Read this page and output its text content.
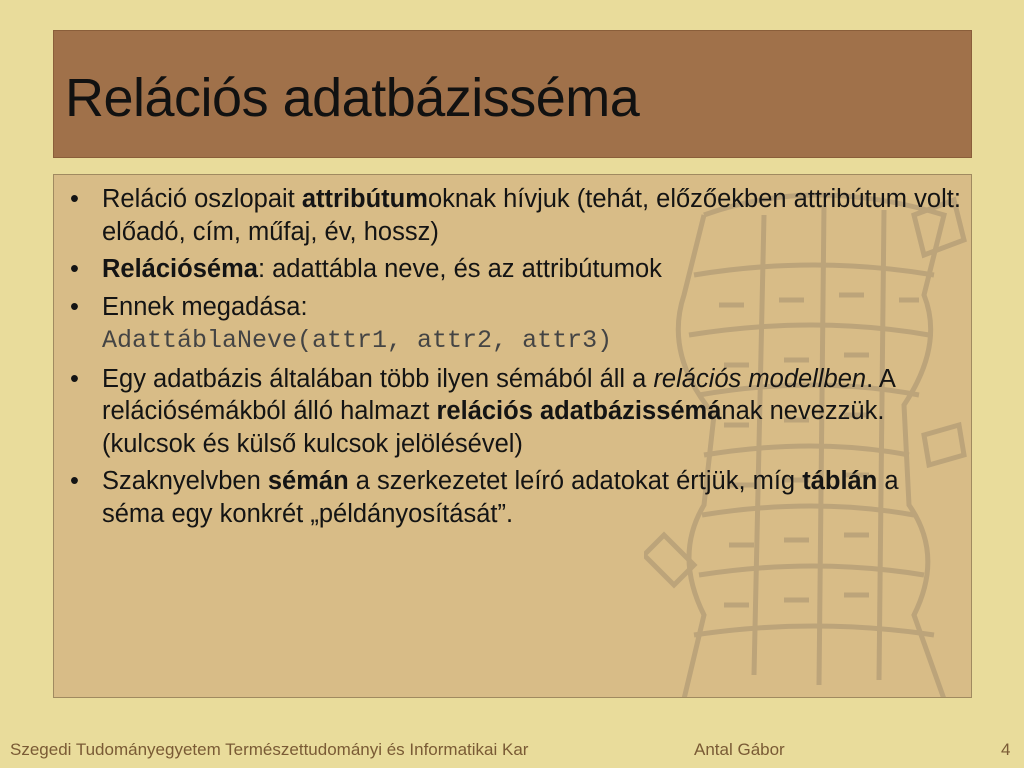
Relációs adatbázisséma
• Reláció oszlopait attribútumoknak hívjuk (tehát, előzőekben attribútum volt: előadó, cím, műfaj, év, hossz)
• Relációséma: adattábla neve, és az attribútumok
• Ennek megadása:
AdattáblaNeve(attr1, attr2, attr3)
• Egy adatbázis általában több ilyen sémából áll a relációs modellben. A relációsémákból álló halmazt relációs adatbázissémának nevezzük. (kulcsok és külső kulcsok jelölésével)
• Szaknyelvben sémán a szerkezetet leíró adatokat értjük, míg táblán a séma egy konkrét „példányosítását”.
Szegedi Tudományegyetem Természettudományi és Informatikai Kar	Antal Gábor	4
